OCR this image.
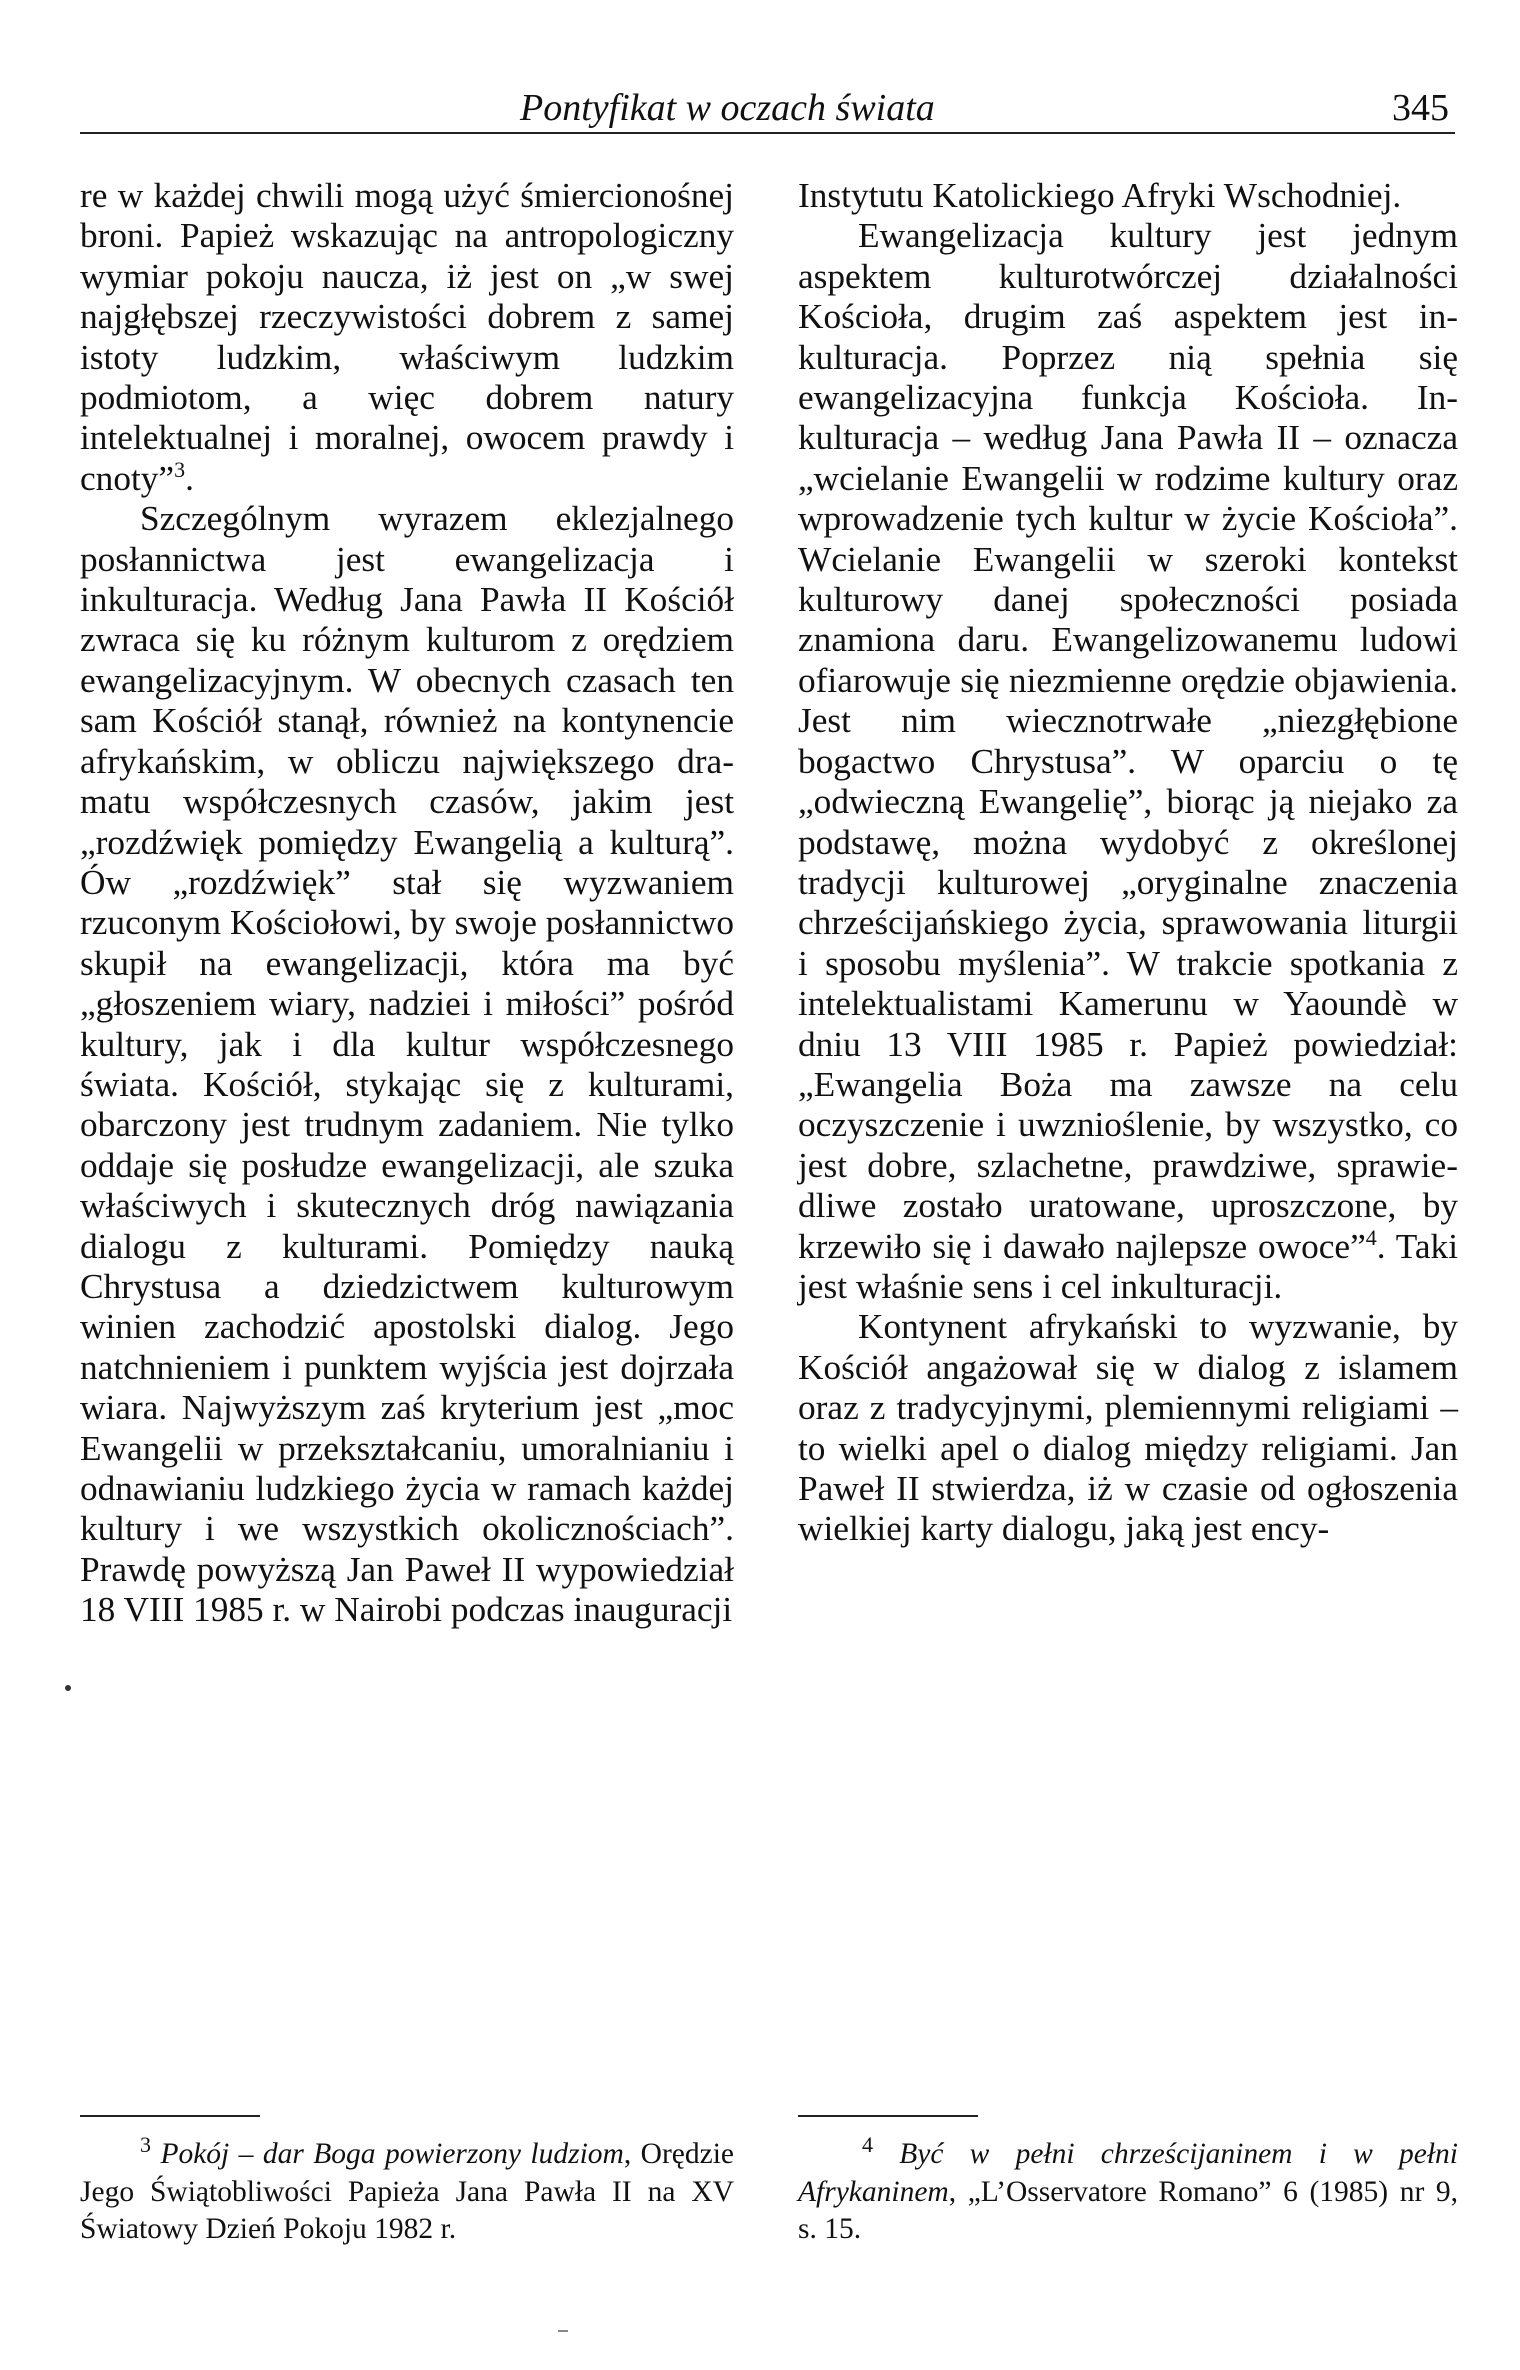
Pontyfikat w oczach świata	345

re w każdej chwili mogą użyć śmiercionośnej broni. Papież wskazując na antropologiczny wymiar pokoju naucza, iż jest on „w swej najgłębszej rzeczywistości dobrem z samej istoty ludzkim, właściwym ludzkim podmiotom, a więc dobrem natury intelektualnej i moralnej, owocem prawdy i cnoty”$^3$.

Szczególnym wyrazem eklezjalnego posłannictwa jest ewangelizacja i inkulturacja. Według Jana Pawła II Kościół zwraca się ku różnym kulturom z orędziem ewangelizacyjnym. W obecnych czasach ten sam Kościół stanął, również na kontynencie afrykańskim, w obliczu największego dramatu współczesnych czasów, jakim jest „rozdźwięk pomiędzy Ewangelią a kulturą”. Ów „rozdźwięk” stał się wyzwaniem rzuconym Kościołowi, by swoje posłannictwo skupił na ewangelizacji, która ma być „głoszeniem wiary, nadziei i miłości” pośród kultury, jak i dla kultur współczesnego świata. Kościół, stykając się z kulturami, obarczony jest trudnym zadaniem. Nie tylko oddaje się posłudze ewangelizacji, ale szuka właściwych i skutecznych dróg nawiązania dialogu z kulturami. Pomiędzy nauką Chrystusa a dziedzictwem kulturowym winien zachodzić apostolski dialog. Jego natchnieniem i punktem wyjścia jest dojrzała wiara. Najwyższym zaś kryterium jest „moc Ewangelii w przekształcaniu, umoralnianiu i odnawianiu ludzkiego życia w ramach każdej kultury i we wszystkich okolicznościach”. Prawdę powyższą Jan Paweł II wypowiedział 18 VIII 1985 r. w Nairobi podczas inauguracji

Instytutu Katolickiego Afryki Wschodniej.

Ewangelizacja kultury jest jednym aspektem kulturotwórczej działalności Kościoła, drugim zaś aspektem jest inkulturacja. Poprzez nią spełnia się ewangelizacyjna funkcja Kościoła. Inkulturacja – według Jana Pawła II – oznacza „wcielanie Ewangelii w rodzime kultury oraz wprowadzenie tych kultur w życie Kościoła”. Wcielanie Ewangelii w szeroki kontekst kulturowy danej społeczności posiada znamiona daru. Ewangelizowanemu ludowi ofiarowuje się niezmienne orędzie objawienia. Jest nim wiecznotrwałe „niezgłębione bogactwo Chrystusa”. W oparciu o tę „odwieczną Ewangelię”, biorąc ją niejako za podstawę, można wydobyć z określonej tradycji kulturowej „oryginalne znaczenia chrześcijańskiego życia, sprawowania liturgii i sposobu myślenia”. W trakcie spotkania z intelektualistami Kamerunu w Yaoundè w dniu 13 VIII 1985 r. Papież powiedział: „Ewangelia Boża ma zawsze na celu oczyszczenie i uwznioślenie, by wszystko, co jest dobre, szlachetne, prawdziwe, sprawiedliwe zostało uratowane, uproszczone, by krzewiło się i dawało najlepsze owoce”$^4$. Taki jest właśnie sens i cel inkulturacji.

Kontynent afrykański to wyzwanie, by Kościół angażował się w dialog z islamem oraz z tradycyjnymi, plemiennymi religiami – to wielki apel o dialog między religiami. Jan Paweł II stwierdza, iż w czasie od ogłoszenia wielkiej karty dialogu, jaką jest ency-

$^3$ Pokój – dar Boga powierzony ludziom, Orędzie Jego Świątobliwości Papieża Jana Pawła II na XV Światowy Dzień Pokoju 1982 r.
$^4$ Być w pełni chrześcijaninem i w pełni Afrykaninem, „L’Osservatore Romano” 6 (1985) nr 9, s. 15.
